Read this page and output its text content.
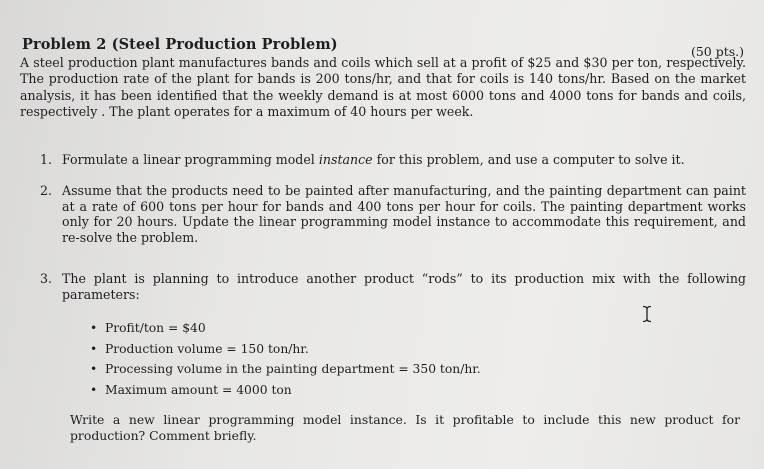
Problem 2 (Steel Production Problem)	(50 pts.)

A steel production plant manufactures bands and coils which sell at a profit of $25 and $30 per ton, respectively. The production rate of the plant for bands is 200 tons/hr, and that for coils is 140 tons/hr. Based on the market analysis, it has been identified that the weekly demand is at most 6000 tons and 4000 tons for bands and coils, respectively . The plant operates for a maximum of 40 hours per week.

1. Formulate a linear programming model instance for this problem, and use a computer to solve it.
2. Assume that the products need to be painted after manufacturing, and the painting department can paint at a rate of 600 tons per hour for bands and 400 tons per hour for coils. The painting department works only for 20 hours. Update the linear programming model instance to accommodate this requirement, and re-solve the problem.
3. The plant is planning to introduce another product “rods” to its production mix with the following parameters:
• Profit/ton = $40
• Production volume = 150 ton/hr.
• Processing volume in the painting department = 350 ton/hr.
• Maximum amount = 4000 ton
Write a new linear programming model instance. Is it profitable to include this new product for production? Comment briefly.
